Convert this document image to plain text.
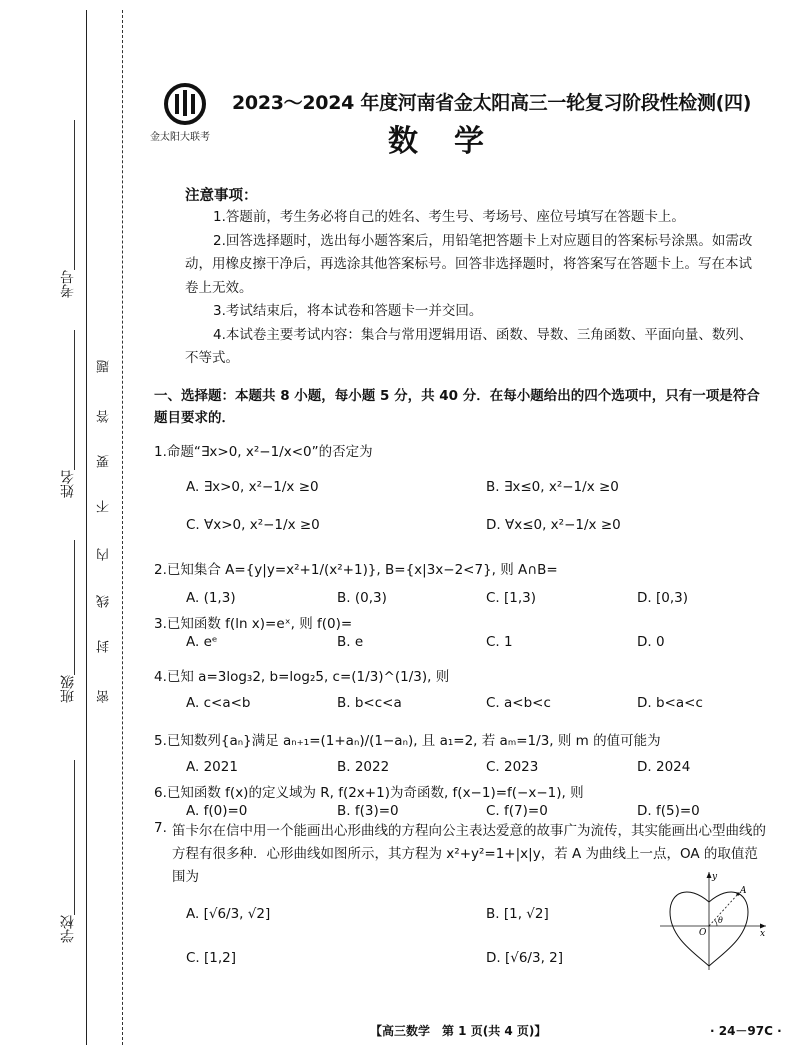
考号
姓名
班级
学校
密
封
线
内
不
要
答
题
金太阳大联考
2023～2024 年度河南省金太阳高三一轮复习阶段性检测(四)
数学
注意事项：

1.答题前，考生务必将自己的姓名、考生号、考场号、座位号填写在答题卡上。

2.回答选择题时，选出每小题答案后，用铅笔把答题卡上对应题目的答案标号涂黑。如需改动，用橡皮擦干净后，再选涂其他答案标号。回答非选择题时，将答案写在答题卡上。写在本试卷上无效。

3.考试结束后，将本试卷和答题卡一并交回。

4.本试卷主要考试内容：集合与常用逻辑用语、函数、导数、三角函数、平面向量、数列、不等式。

一、选择题：本题共 8 小题，每小题 5 分，共 40 分．在每小题给出的四个选项中，只有一项是符合题目要求的．
1.命题“∃x>0, x²−1/x<0”的否定为
A. ∃x>0, x²−1/x ≥0	B. ∃x≤0, x²−1/x ≥0
C. ∀x>0, x²−1/x ≥0	D. ∀x≤0, x²−1/x ≥0
2.已知集合 A={y|y=x²+1/(x²+1)}, B={x|3x−2<7}, 则 A∩B=
A. (1,3)	B. (0,3)	C. [1,3)	D. [0,3)
3.已知函数 f(ln x)=eˣ, 则 f(0)=
A. eᵉ	B. e	C. 1	D. 0
4.已知 a=3log₃2, b=log₂5, c=(1/3)^(1/3), 则
A. c<a<b	B. b<c<a	C. a<b<c	D. b<a<c
5.已知数列{aₙ}满足 aₙ₊₁=(1+aₙ)/(1−aₙ), 且 a₁=2, 若 aₘ=1/3, 则 m 的值可能为
A. 2021	B. 2022	C. 2023	D. 2024
6.已知函数 f(x)的定义域为 R, f(2x+1)为奇函数, f(x−1)=f(−x−1), 则
A. f(0)=0	B. f(3)=0	C. f(7)=0	D. f(5)=0
7. 笛卡尔在信中用一个能画出心形曲线的方程向公主表达爱意的故事广为流传，其实能画出心型曲线的方程有很多种．心形曲线如图所示，其方程为 x²+y²=1+|x|y，若 A 为曲线上一点，OA 的取值范围为
A. [√6/3, √2]	B. [1, √2]
C. [1,2]	D. [√6/3, 2]
y
A
O
θ
x
【高三数学　第 1 页(共 4 页)】	· 24－97C ·
